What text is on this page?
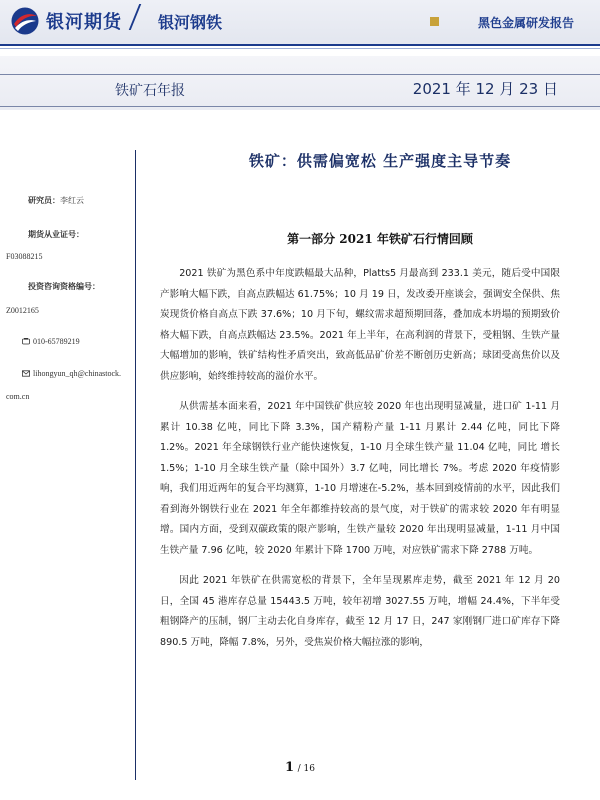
银河期货 银河钢铁	黑色金属研发报告
铁矿石年报	2021 年 12 月 23 日
铁矿：供需偏宽松 生产强度主导节奏
研究员：李红云
期货从业证号：
F03088215
投资咨询资格编号：
Z0012165
010-65789219
lihongyun_qh@chinastock.
com.cn
第一部分 2021 年铁矿石行情回顾

2021 铁矿为黑色系中年度跌幅最大品种，Platts5 月最高到 233.1 美元，随后受中国限产影响大幅下跌，自高点跌幅达 61.75%；10 月 19 日，发改委开座谈会，强调安全保供、焦炭现货价格自高点下跌 37.6%；10 月下旬，螺纹需求超预期回落，叠加成本坍塌的预期致价格大幅下跌，自高点跌幅达 23.5%。2021 年上半年，在高利润的背景下，受粗钢、生铁产量大幅增加的影响，铁矿结构性矛盾突出，致高低品矿价差不断创历史新高；球团受高焦价以及供应影响，始终维持较高的溢价水平。

从供需基本面来看，2021 年中国铁矿供应较 2020 年也出现明显减量，进口矿 1-11 月累计 10.38 亿吨，同比下降 3.3%，国产精粉产量 1-11 月累计 2.44 亿吨，同比下降 1.2%。2021 年全球钢铁行业产能快速恢复，1-10 月全球生铁产量 11.04 亿吨，同比 增长 1.5%；1-10 月全球生铁产量（除中国外）3.7 亿吨，同比增长 7%。考虑 2020 年疫情影响，我们用近两年的复合平均测算，1-10 月增速在-5.2%，基本回到疫情前的水平，因此我们看到海外钢铁行业在 2021 年全年都维持较高的景气度，对于铁矿的需求较 2020 年有明显增。国内方面，受到双碳政策的限产影响，生铁产量较 2020 年出现明显减量，1-11 月中国生铁产量 7.96 亿吨，较 2020 年累计下降 1700 万吨，对应铁矿需求下降 2788 万吨。

因此 2021 年铁矿在供需宽松的背景下，全年呈现累库走势，截至 2021 年 12 月 20 日，全国 45 港库存总量 15443.5 万吨，较年初增 3027.55 万吨，增幅 24.4%，下半年受粗钢降产的压制，钢厂主动去化自身库存，截至 12 月 17 日，247 家刚钢厂进口矿库存下降 890.5 万吨，降幅 7.8%，另外，受焦炭价格大幅拉涨的影响，

1 / 16
